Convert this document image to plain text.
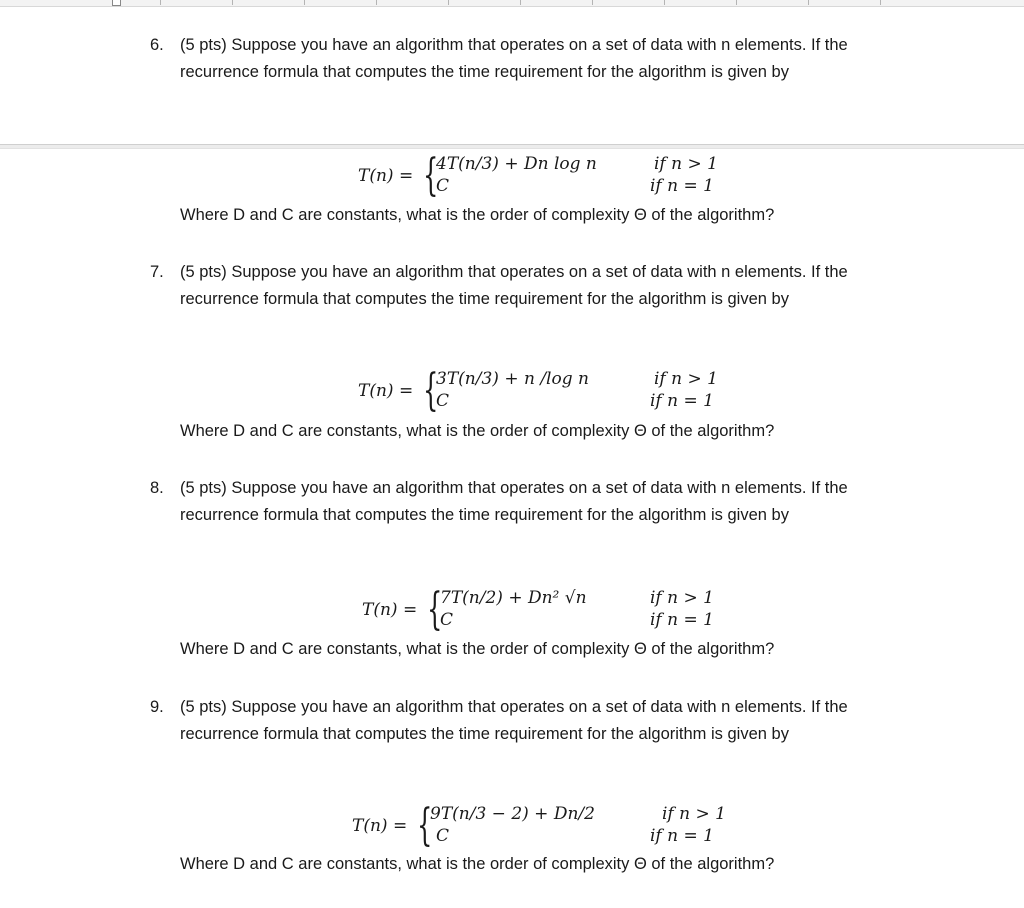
6. (5 pts) Suppose you have an algorithm that operates on a set of data with n elements. If the recurrence formula that computes the time requirement for the algorithm is given by
T(n) = {
4T(n/3) + Dn log n
C
if n > 1
if n = 1
Where D and C are constants, what is the order of complexity Θ of the algorithm?
7. (5 pts) Suppose you have an algorithm that operates on a set of data with n elements. If the recurrence formula that computes the time requirement for the algorithm is given by
T(n) = {
3T(n/3) + n /log n
C
if n > 1
if n = 1
Where D and C are constants, what is the order of complexity Θ of the algorithm?
8. (5 pts) Suppose you have an algorithm that operates on a set of data with n elements. If the recurrence formula that computes the time requirement for the algorithm is given by
T(n) = {
7T(n/2) + Dn² √n
C
if n > 1
if n = 1
Where D and C are constants, what is the order of complexity Θ of the algorithm?
9. (5 pts) Suppose you have an algorithm that operates on a set of data with n elements. If the recurrence formula that computes the time requirement for the algorithm is given by
T(n) = {
9T(n/3 − 2) + Dn/2
C
if n > 1
if n = 1
Where D and C are constants, what is the order of complexity Θ of the algorithm?
